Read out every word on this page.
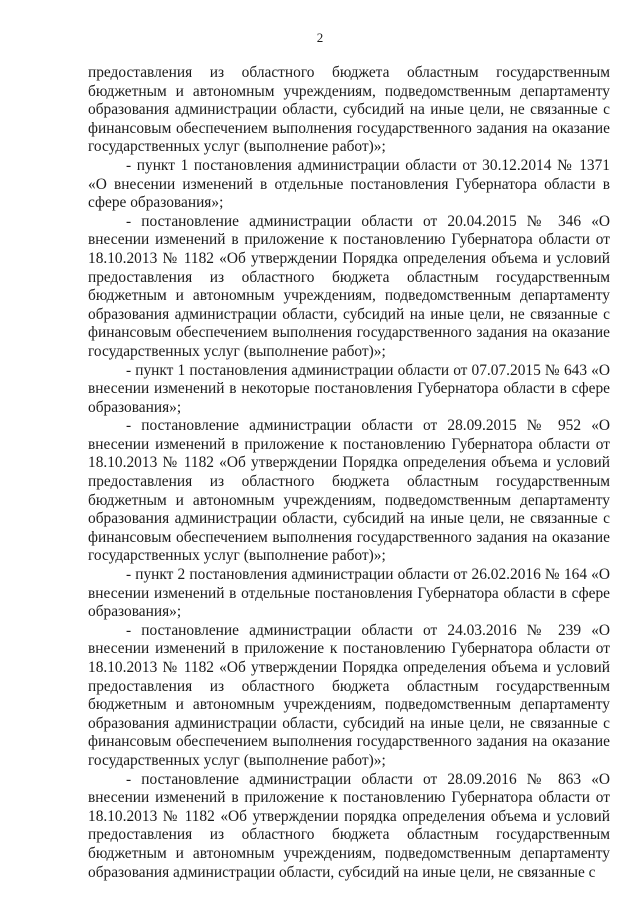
2

предоставления из областного бюджета областным государственным бюджетным и автономным учреждениям, подведомственным департаменту образования администрации области, субсидий на иные цели, не связанные с финансовым обеспечением выполнения государственного задания на оказание государственных услуг (выполнение работ)»;

- пункт 1 постановления администрации области от 30.12.2014 № 1371 «О внесении изменений в отдельные постановления Губернатора области в сфере образования»;

- постановление администрации области от 20.04.2015 № 346 «О внесении изменений в приложение к постановлению Губернатора области от 18.10.2013 № 1182 «Об утверждении Порядка определения объема и условий предоставления из областного бюджета областным государственным бюджетным и автономным учреждениям, подведомственным департаменту образования администрации области, субсидий на иные цели, не связанные с финансовым обеспечением выполнения государственного задания на оказание государственных услуг (выполнение работ)»;

- пункт 1 постановления администрации области от 07.07.2015 № 643 «О внесении изменений в некоторые постановления Губернатора области в сфере образования»;

- постановление администрации области от 28.09.2015 № 952 «О внесении изменений в приложение к постановлению Губернатора области от 18.10.2013 № 1182 «Об утверждении Порядка определения объема и условий предоставления из областного бюджета областным государственным бюджетным и автономным учреждениям, подведомственным департаменту образования администрации области, субсидий на иные цели, не связанные с финансовым обеспечением выполнения государственного задания на оказание государственных услуг (выполнение работ)»;

- пункт 2 постановления администрации области от 26.02.2016 № 164 «О внесении изменений в отдельные постановления Губернатора области в сфере образования»;

- постановление администрации области от 24.03.2016 № 239 «О внесении изменений в приложение к постановлению Губернатора области от 18.10.2013 № 1182 «Об утверждении Порядка определения объема и условий предоставления из областного бюджета областным государственным бюджетным и автономным учреждениям, подведомственным департаменту образования администрации области, субсидий на иные цели, не связанные с финансовым обеспечением выполнения государственного задания на оказание государственных услуг (выполнение работ)»;

- постановление администрации области от 28.09.2016 № 863 «О внесении изменений в приложение к постановлению Губернатора области от 18.10.2013 № 1182 «Об утверждении порядка определения объема и условий предоставления из областного бюджета областным государственным бюджетным и автономным учреждениям, подведомственным департаменту образования администрации области, субсидий на иные цели, не связанные с
